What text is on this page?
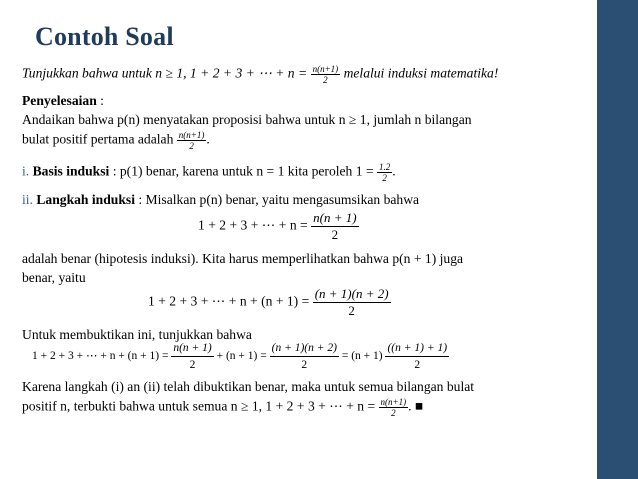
Contoh Soal
Tunjukkan bahwa untuk n ≥ 1, 1 + 2 + 3 + ⋯ + $n = \frac{n(n+1)}{2}$ melalui induksi matematika!
Penyelesaian :
Andaikan bahwa p(n) menyatakan proposisi bahwa untuk n ≥ 1, jumlah n bilangan
bulat positif pertama adalah $\frac{n(n+1)}{2}$ .
i. Basis induksi : p(1) benar, karena untuk n = 1 kita peroleh $1 = \frac{1.2}{2}$ .
ii. Langkah induksi : Misalkan p(n) benar, yaitu mengasumsikan bahwa
1 + 2 + 3 + ⋯ + $n = \frac{n(n + 1)}{2}$
adalah benar (hipotesis induksi). Kita harus memperlihatkan bahwa p(n + 1) juga
benar, yaitu
1 + 2 + 3 + ⋯ + $n + (n + 1) = \frac{(n + 1)(n + 2)}{2}$
Untuk membuktikan ini, tunjukkan bahwa
1 + 2 + 3 + ⋯ + $n + (n + 1) = \frac{n(n + 1)}{2} + (n + 1) = \frac{(n + 1)(n + 2)}{2} = (n + 1) \frac{((n + 1) + 1)}{2}$
Karena langkah (i) an (ii) telah dibuktikan benar, maka untuk semua bilangan bulat
positif n, terbukti bahwa untuk semua n ≥ 1, 1 + 2 + 3 + ⋯ + $n = \frac{n(n+1)}{2}$ . ■
